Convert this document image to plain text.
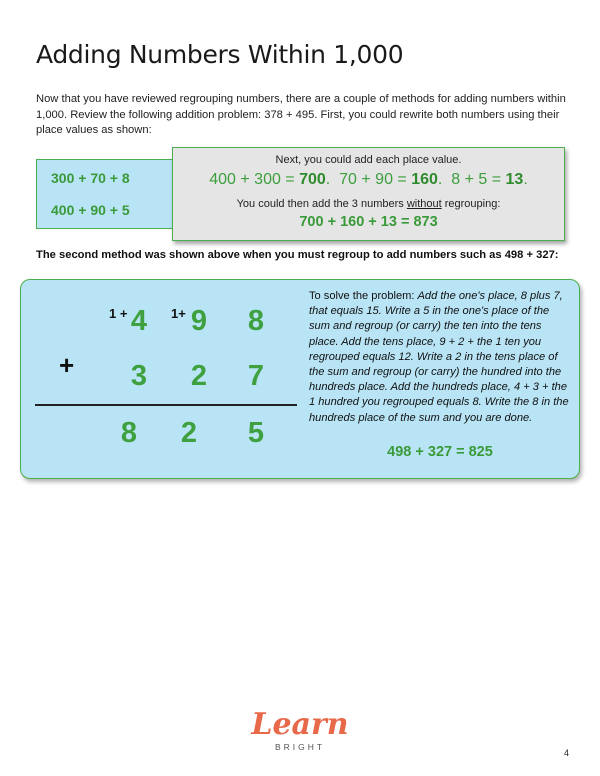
Adding Numbers Within 1,000
Now that you have reviewed regrouping numbers, there are a couple of methods for adding numbers within 1,000. Review the following addition problem: 378 + 495. First, you could rewrite both numbers using their place values as shown:
300 + 70 + 8
400 + 90 + 5
Next, you could add each place value.
400 + 300 = 700.  70 + 90 = 160.  8 + 5 = 13.
You could then add the 3 numbers without regrouping:
700 + 160 + 13 = 873
The second method was shown above when you must regroup to add numbers such as 498 + 327:
1 +	1+
4 9 8
+ 3 2 7
8 2 5
To solve the problem: Add the one's place, 8 plus 7, that equals 15. Write a 5 in the one's place of the sum and regroup (or carry) the ten into the tens place. Add the tens place, 9 + 2 + the 1 ten you regrouped equals 12. Write a 2 in the tens place of the sum and regroup (or carry) the hundred into the hundreds place. Add the hundreds place, 4 + 3 + the 1 hundred you regrouped equals 8. Write the 8 in the hundreds place of the sum and you are done.
498 + 327 = 825
Learn
BRIGHT
4
